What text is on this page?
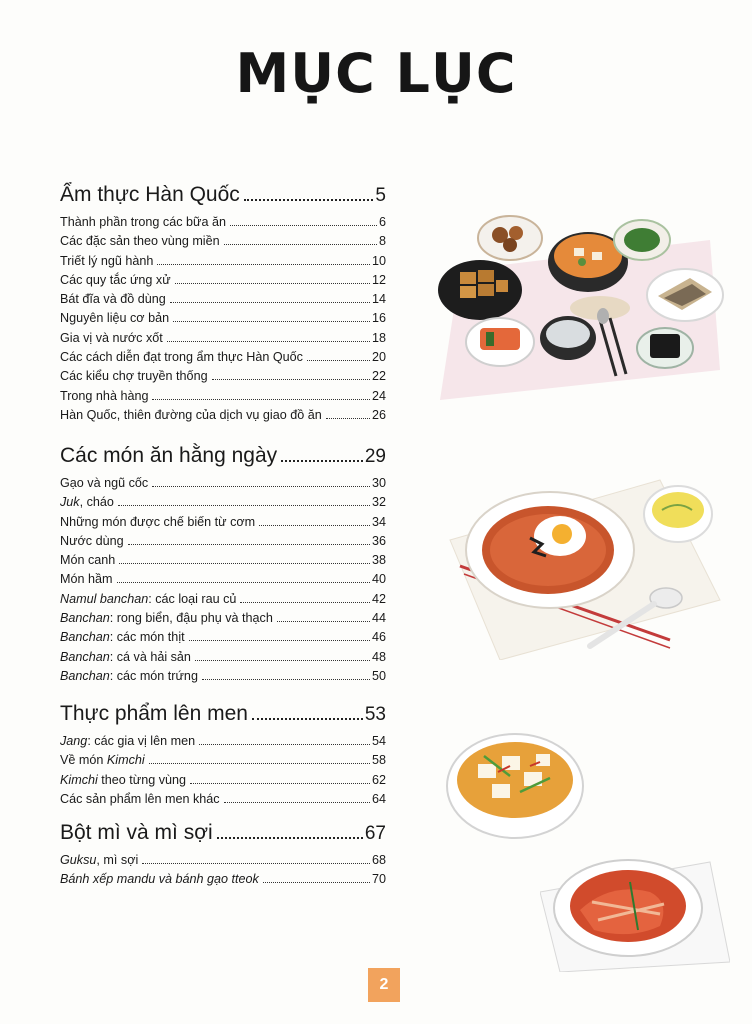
MỤC LỤC
Ẩm thực Hàn Quốc	5
Thành phần trong các bữa ăn	6
Các đặc sản theo vùng miền	8
Triết lý ngũ hành	10
Các quy tắc ứng xử	12
Bát đĩa và đồ dùng	14
Nguyên liệu cơ bản	16
Gia vị và nước xốt	18
Các cách diễn đạt trong ẩm thực Hàn Quốc	20
Các kiểu chợ truyền thống	22
Trong nhà hàng	24
Hàn Quốc, thiên đường của dịch vụ giao đồ ăn	26
Các món ăn hằng ngày	29
Gạo và ngũ cốc	30
Juk, cháo	32
Những món được chế biến từ cơm	34
Nước dùng	36
Món canh	38
Món hầm	40
Namul banchan: các loại rau củ	42
Banchan: rong biển, đậu phụ và thạch	44
Banchan: các món thịt	46
Banchan: cá và hải sản	48
Banchan: các món trứng	50
Thực phẩm lên men	53
Jang: các gia vị lên men	54
Về món Kimchi	58
Kimchi theo từng vùng	62
Các sản phẩm lên men khác	64
Bột mì và mì sợi	67
Guksu, mì sợi	68
Bánh xếp mandu và bánh gạo tteok	70
2
